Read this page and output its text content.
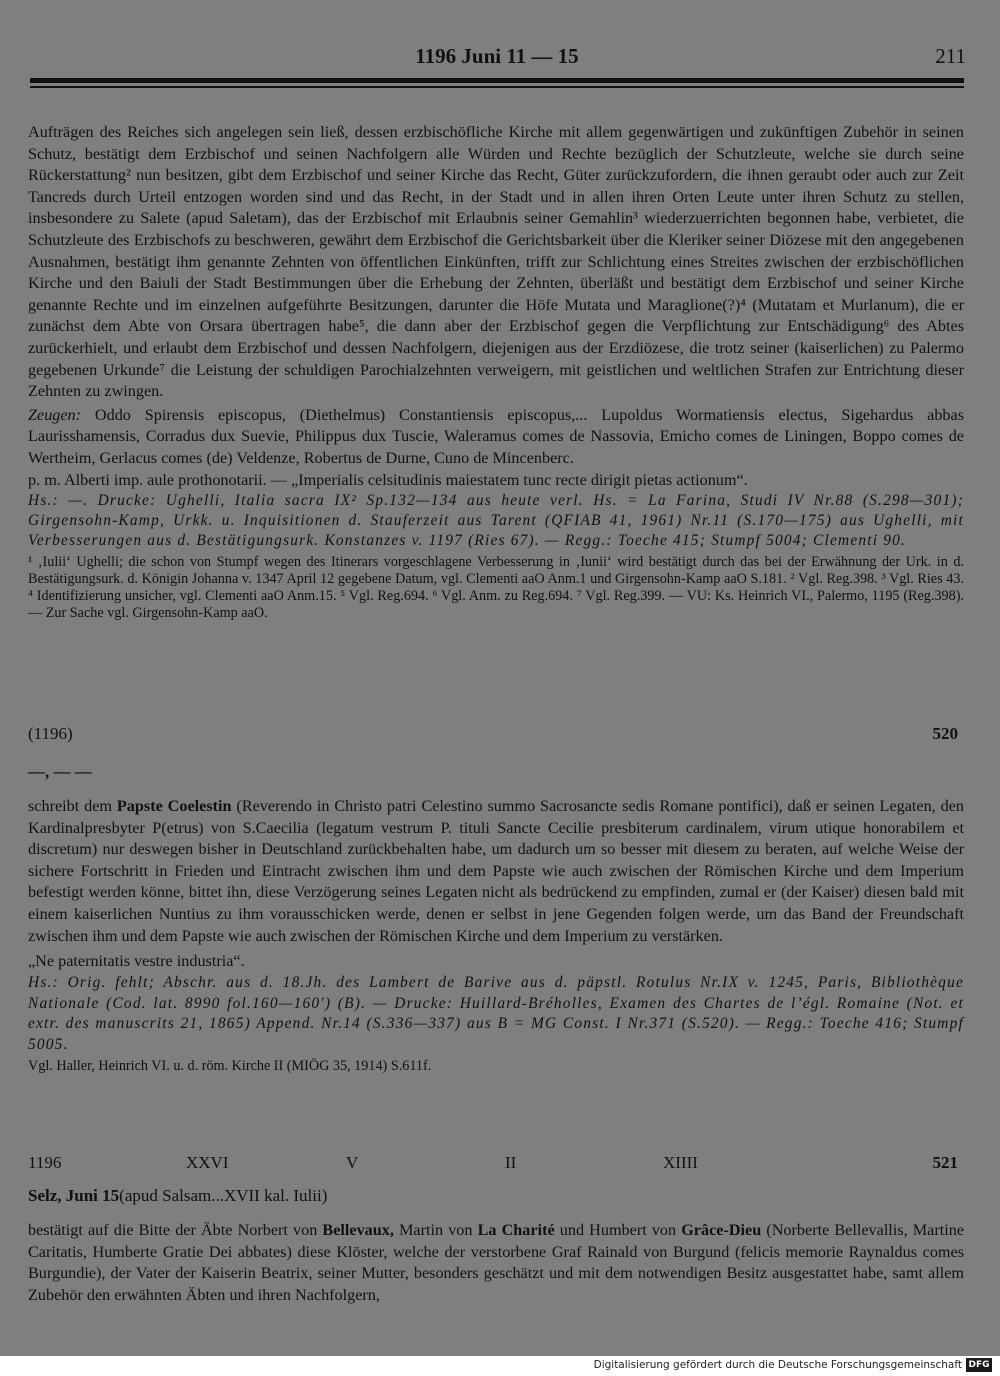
1196 Juni 11 — 15	211

Aufträgen des Reiches sich angelegen sein ließ, dessen erzbischöfliche Kirche mit allem gegenwärtigen und zukünftigen Zubehör in seinen Schutz, bestätigt dem Erzbischof und seinen Nachfolgern alle Würden und Rechte bezüglich der Schutzleute, welche sie durch seine Rückerstattung² nun besitzen, gibt dem Erzbischof und seiner Kirche das Recht, Güter zurückzufordern, die ihnen geraubt oder auch zur Zeit Tancreds durch Urteil entzogen worden sind und das Recht, in der Stadt und in allen ihren Orten Leute unter ihren Schutz zu stellen, insbesondere zu Salete (apud Saletam), das der Erzbischof mit Erlaubnis seiner Gemahlin³ wiederzuerrichten begonnen habe, verbietet, die Schutzleute des Erzbischofs zu beschweren, gewährt dem Erzbischof die Gerichtsbarkeit über die Kleriker seiner Diözese mit den angegebenen Ausnahmen, bestätigt ihm genannte Zehnten von öffentlichen Einkünften, trifft zur Schlichtung eines Streites zwischen der erzbischöflichen Kirche und den Baiuli der Stadt Bestimmungen über die Erhebung der Zehnten, überläßt und bestätigt dem Erzbischof und seiner Kirche genannte Rechte und im einzelnen aufgeführte Besitzungen, darunter die Höfe Mutata und Maraglione(?)⁴ (Mutatam et Murlanum), die er zunächst dem Abte von Orsara übertragen habe⁵, die dann aber der Erzbischof gegen die Verpflichtung zur Entschädigung⁶ des Abtes zurückerhielt, und erlaubt dem Erzbischof und dessen Nachfolgern, diejenigen aus der Erzdiözese, die trotz seiner (kaiserlichen) zu Palermo gegebenen Urkunde⁷ die Leistung der schuldigen Parochialzehnten verweigern, mit geistlichen und weltlichen Strafen zur Entrichtung dieser Zehnten zu zwingen.

Zeugen: Oddo Spirensis episcopus, (Diethelmus) Constantiensis episcopus,... Lupoldus Wormatiensis electus, Sigehardus abbas Laurisshamensis, Corradus dux Suevie, Philippus dux Tuscie, Waleramus comes de Nassovia, Emicho comes de Liningen, Boppo comes de Wertheim, Gerlacus comes (de) Veldenze, Robertus de Durne, Cuno de Mincenberc.

p. m. Alberti imp. aule prothonotarii. — „Imperialis celsitudinis maiestatem tunc recte dirigit pietas actionum“.

Hs.: —. Drucke: Ughelli, Italia sacra IX² Sp.132—134 aus heute verl. Hs. = La Farina, Studi IV Nr.88 (S.298—301); Girgensohn-Kamp, Urkk. u. Inquisitionen d. Stauferzeit aus Tarent (QFIAB 41, 1961) Nr.11 (S.170—175) aus Ughelli, mit Verbesserungen aus d. Bestätigungsurk. Konstanzes v. 1197 (Ries 67). — Regg.: Toeche 415; Stumpf 5004; Clementi 90.

¹ ‚Iulii‘ Ughelli; die schon von Stumpf wegen des Itinerars vorgeschlagene Verbesserung in ‚Iunii‘ wird bestätigt durch das bei der Erwähnung der Urk. in d. Bestätigungsurk. d. Königin Johanna v. 1347 April 12 gegebene Datum, vgl. Clementi aaO Anm.1 und Girgensohn-Kamp aaO S.181. ² Vgl. Reg.398. ³ Vgl. Ries 43. ⁴ Identifizierung unsicher, vgl. Clementi aaO Anm.15. ⁵ Vgl. Reg.694. ⁶ Vgl. Anm. zu Reg.694. ⁷ Vgl. Reg.399. — VU: Ks. Heinrich VI., Palermo, 1195 (Reg.398). — Zur Sache vgl. Girgensohn-Kamp aaO.

(1196)	520
—, — —

schreibt dem Papste Coelestin (Reverendo in Christo patri Celestino summo Sacrosancte sedis Romane pontifici), daß er seinen Legaten, den Kardinalpresbyter P(etrus) von S.Caecilia (legatum vestrum P. tituli Sancte Cecilie presbiterum cardinalem, virum utique honorabilem et discretum) nur deswegen bisher in Deutschland zurückbehalten habe, um dadurch um so besser mit diesem zu beraten, auf welche Weise der sichere Fortschritt in Frieden und Eintracht zwischen ihm und dem Papste wie auch zwischen der Römischen Kirche und dem Imperium befestigt werden könne, bittet ihn, diese Verzögerung seines Legaten nicht als bedrückend zu empfinden, zumal er (der Kaiser) diesen bald mit einem kaiserlichen Nuntius zu ihm vorausschicken werde, denen er selbst in jene Gegenden folgen werde, um das Band der Freundschaft zwischen ihm und dem Papste wie auch zwischen der Römischen Kirche und dem Imperium zu verstärken.

„Ne paternitatis vestre industria“.

Hs.: Orig. fehlt; Abschr. aus d. 18.Jh. des Lambert de Barive aus d. päpstl. Rotulus Nr.IX v. 1245, Paris, Bibliothèque Nationale (Cod. lat. 8990 fol.160—160′) (B). — Drucke: Huillard-Bréholles, Examen des Chartes de l’égl. Romaine (Not. et extr. des manuscrits 21, 1865) Append. Nr.14 (S.336—337) aus B = MG Const. I Nr.371 (S.520). — Regg.: Toeche 416; Stumpf 5005.

Vgl. Haller, Heinrich VI. u. d. röm. Kirche II (MIÖG 35, 1914) S.611f.

1196	XXVI	V	II	XIIII	521
Selz, Juni 15 (apud Salsam...XVII kal. Iulii)

bestätigt auf die Bitte der Äbte Norbert von Bellevaux, Martin von La Charité und Humbert von Grâce-Dieu (Norberte Bellevallis, Martine Caritatis, Humberte Gratie Dei abbates) diese Klöster, welche der verstorbene Graf Rainald von Burgund (felicis memorie Raynaldus comes Burgundie), der Vater der Kaiserin Beatrix, seiner Mutter, besonders geschätzt und mit dem notwendigen Besitz ausgestattet habe, samt allem Zubehör den erwähnten Äbten und ihren Nachfolgern,

Digitalisierung gefördert durch die Deutsche Forschungsgemeinschaft DFG
